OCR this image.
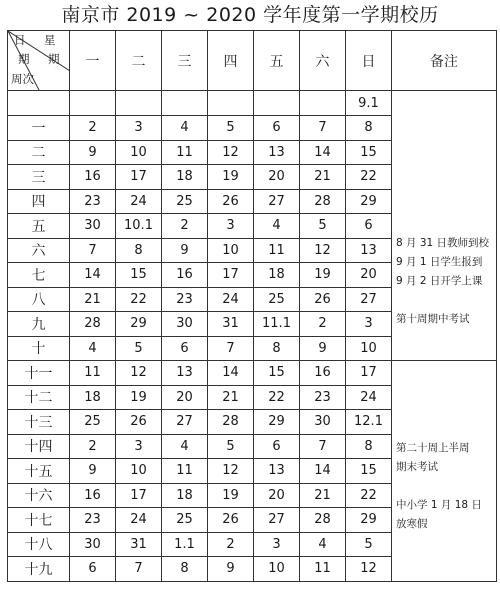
南京市 2019 ~ 2020 学年度第一学期校历
日 星
期 期
周次	一	二	三	四	五	六	日	备注
							9.1	8 月 31 日教师到校

9 月 1 日学生报到

9 月 2 日开学上课

第十周期中考试

一	2	3	4	5	6	7	8	
二	9	10	11	12	13	14	15	
三	16	17	18	19	20	21	22	
四	23	24	25	26	27	28	29	
五	30	10.1	2	3	4	5	6	
六	7	8	9	10	11	12	13	
七	14	15	16	17	18	19	20	
八	21	22	23	24	25	26	27	
九	28	29	30	31	11.1	2	3	
十	4	5	6	7	8	9	10	
十一	11	12	13	14	15	16	17	第二十周上半周

期末考试

中小学 1 月 18 日

放寒假

十二	18	19	20	21	22	23	24	
十三	25	26	27	28	29	30	12.1	
十四	2	3	4	5	6	7	8	
十五	9	10	11	12	13	14	15	
十六	16	17	18	19	20	21	22	
十七	23	24	25	26	27	28	29	
十八	30	31	1.1	2	3	4	5	
十九	6	7	8	9	10	11	12	
